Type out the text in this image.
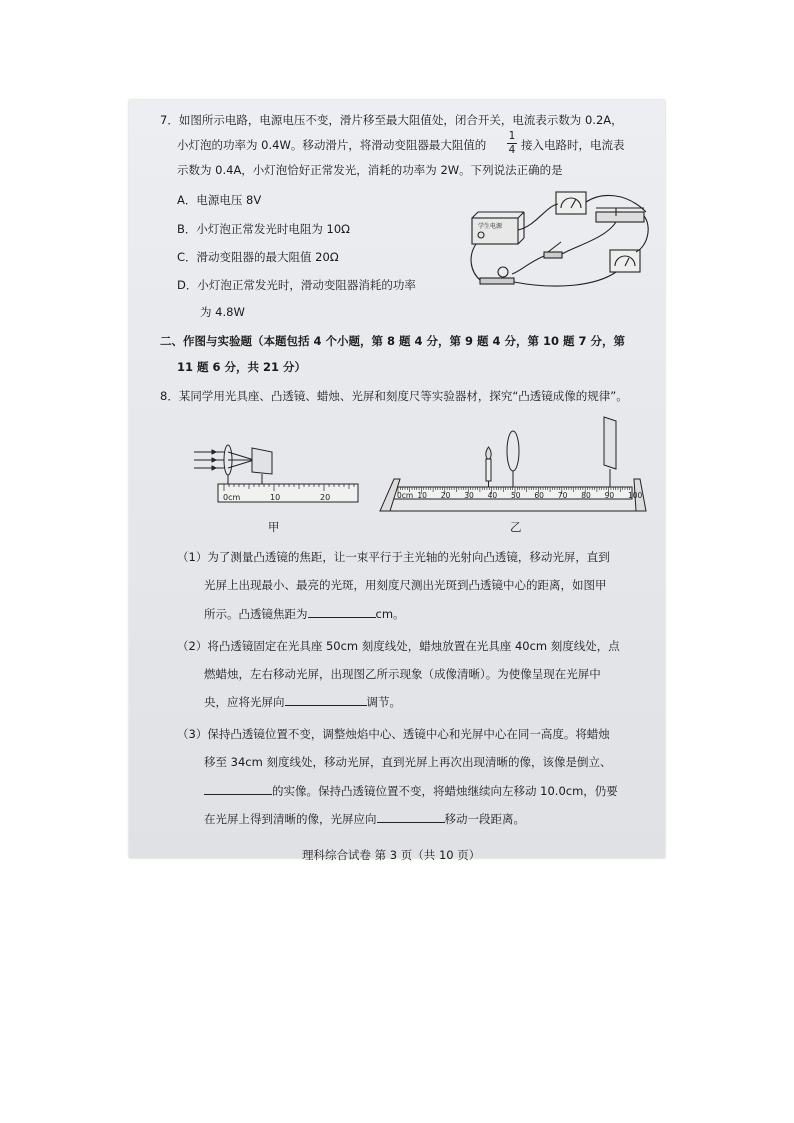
7．如图所示电路，电源电压不变，滑片移至最大阻值处，闭合开关，电流表示数为 0.2A，
小灯泡的功率为 0.4W。移动滑片，将滑动变阻器最大阻值的
1
4 接入电路时，电流表
示数为 0.4A，小灯泡恰好正常发光，消耗的功率为 2W。下列说法正确的是
A．电源电压 8V
B．小灯泡正常发光时电阻为 10Ω
C．滑动变阻器的最大阻值 20Ω
D．小灯泡正常发光时，滑动变阻器消耗的功率
为 4.8W
学生电源
二、作图与实验题（本题包括 4 个小题，第 8 题 4 分，第 9 题 4 分，第 10 题 7 分，第
11 题 6 分，共 21 分）
8．某同学用光具座、凸透镜、蜡烛、光屏和刻度尺等实验器材，探究“凸透镜成像的规律”。
0cm	10	20
甲
0cm 10 20 30 40 50 60 70 80 90 100
乙
（1）为了测量凸透镜的焦距，让一束平行于主光轴的光射向凸透镜，移动光屏，直到
光屏上出现最小、最亮的光斑，用刻度尺测出光斑到凸透镜中心的距离，如图甲
所示。凸透镜焦距为	cm。
（2）将凸透镜固定在光具座 50cm 刻度线处，蜡烛放置在光具座 40cm 刻度线处，点
燃蜡烛，左右移动光屏，出现图乙所示现象（成像清晰）。为使像呈现在光屏中
央，应将光屏向	调节。
（3）保持凸透镜位置不变，调整烛焰中心、透镜中心和光屏中心在同一高度。将蜡烛
移至 34cm 刻度线处，移动光屏，直到光屏上再次出现清晰的像，该像是倒立、
的实像。保持凸透镜位置不变，将蜡烛继续向左移动 10.0cm，仍要
在光屏上得到清晰的像，光屏应向	移动一段距离。
理科综合试卷 第 3 页（共 10 页）
